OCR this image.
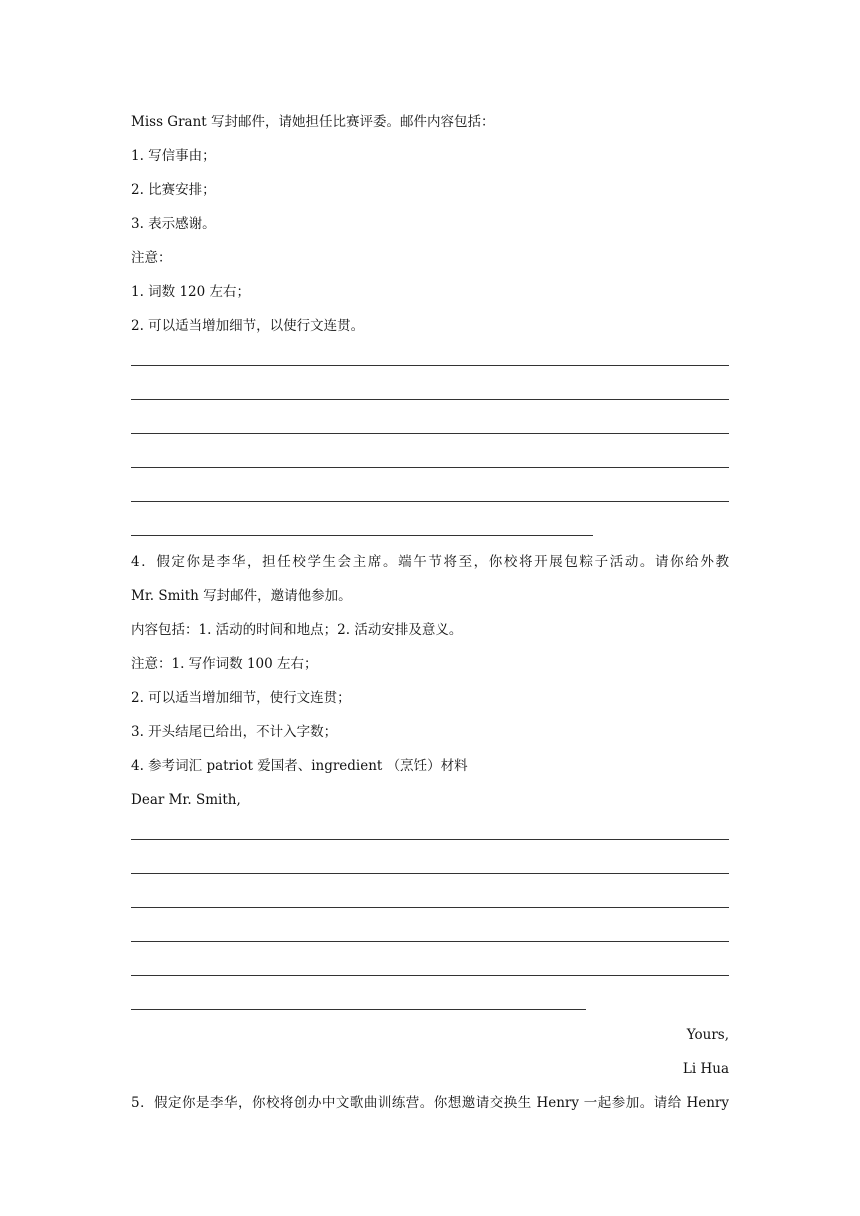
Miss Grant 写封邮件，请她担任比赛评委。邮件内容包括：
1. 写信事由；
2. 比赛安排；
3. 表示感谢。
注意：
1. 词数 120 左右；
2. 可以适当增加细节，以使行文连贯。
4．假定你是李华，担任校学生会主席。端午节将至，你校将开展包粽子活动。请你给外教
Mr. Smith 写封邮件，邀请他参加。
内容包括：1. 活动的时间和地点；2. 活动安排及意义。
注意：1. 写作词数 100 左右；
2. 可以适当增加细节，使行文连贯；
3. 开头结尾已给出，不计入字数；
4. 参考词汇 patriot 爱国者、ingredient （烹饪）材料
Dear Mr. Smith,
Yours,
Li Hua
5．假定你是李华，你校将创办中文歌曲训练营。你想邀请交换生 Henry 一起参加。请给 Henry
